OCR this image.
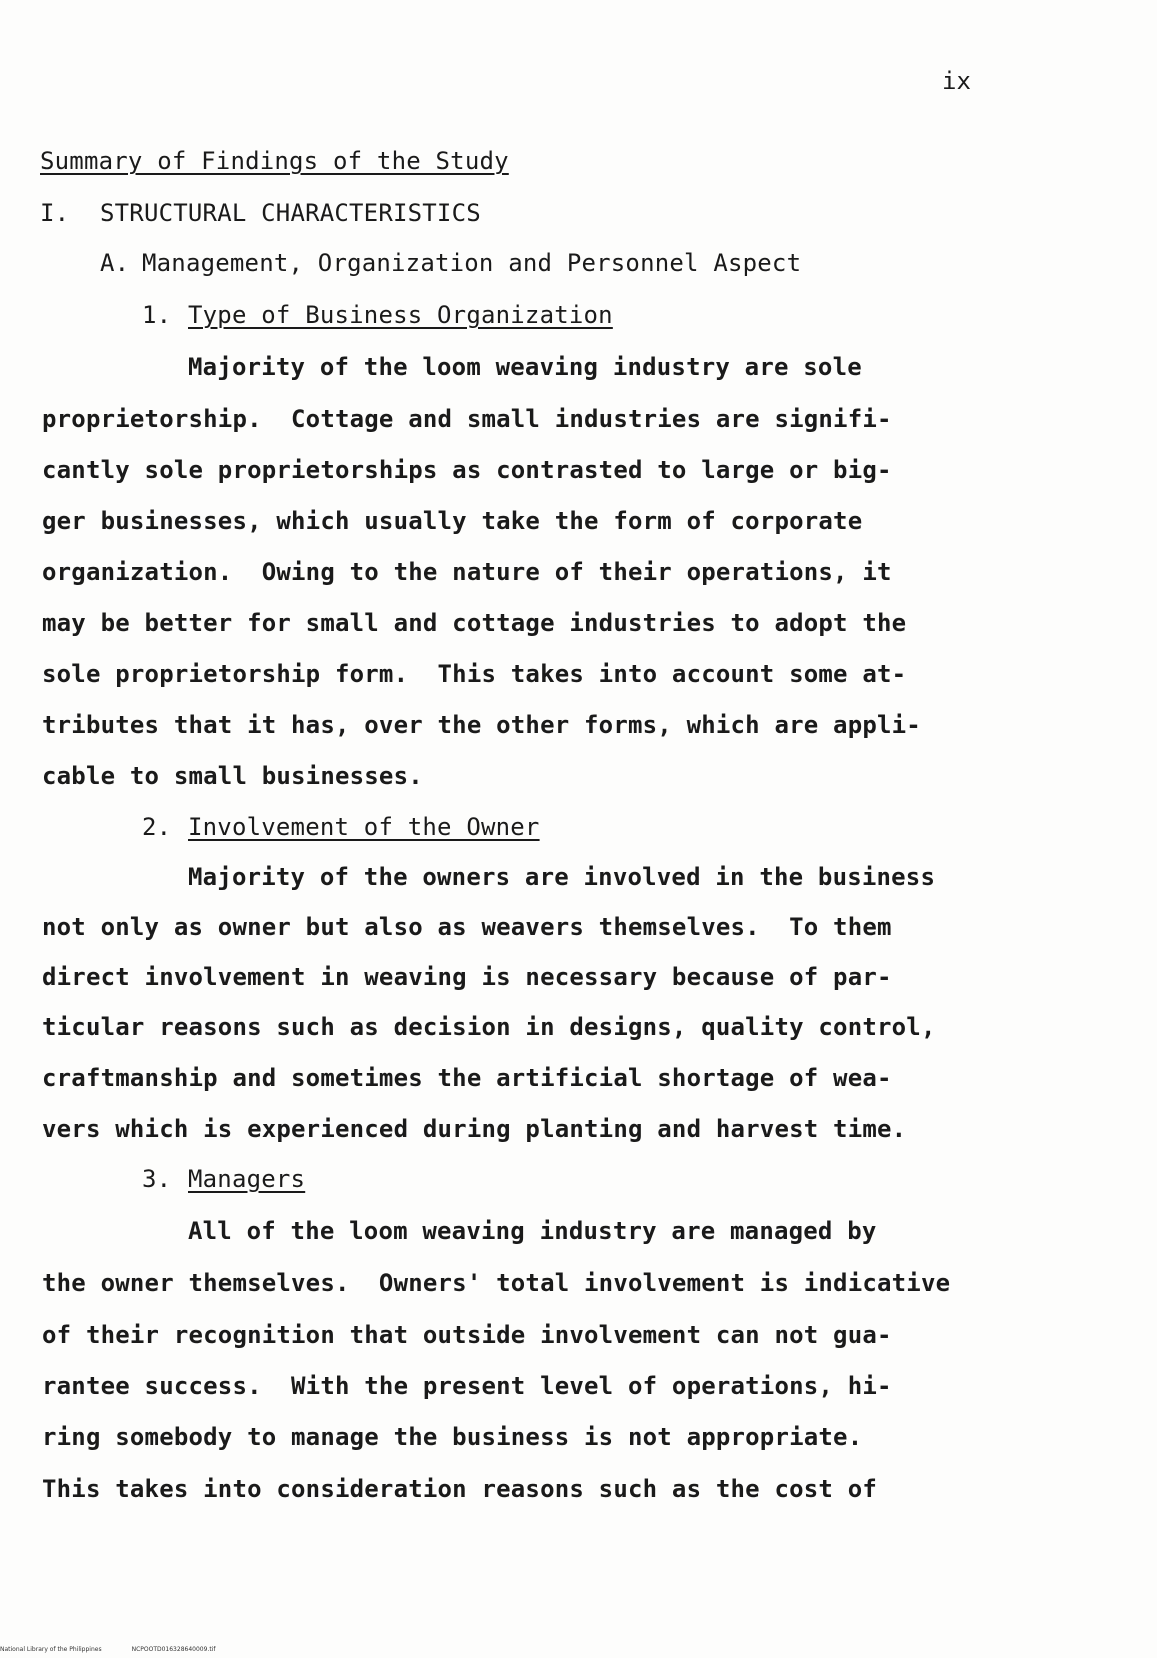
ix
Summary of Findings of the Study
I. STRUCTURAL CHARACTERISTICS
A. Management, Organization and Personnel Aspect
1. Type of Business Organization
Majority of the loom weaving industry are sole
proprietorship.  Cottage and small industries are signifi-
cantly sole proprietorships as contrasted to large or big-
ger businesses, which usually take the form of corporate
organization.  Owing to the nature of their operations, it
may be better for small and cottage industries to adopt the
sole proprietorship form.  This takes into account some at-
tributes that it has, over the other forms, which are appli-
cable to small businesses.
2. Involvement of the Owner
Majority of the owners are involved in the business
not only as owner but also as weavers themselves.  To them
direct involvement in weaving is necessary because of par-
ticular reasons such as decision in designs, quality control,
craftmanship and sometimes the artificial shortage of wea-
vers which is experienced during planting and harvest time.
3. Managers
All of the loom weaving industry are managed by
the owner themselves.  Owners' total involvement is indicative
of their recognition that outside involvement can not gua-
rantee success.  With the present level of operations, hi-
ring somebody to manage the business is not appropriate.
This takes into consideration reasons such as the cost of
National Library of the Philippines	NCPOOTD016328640009.tif
